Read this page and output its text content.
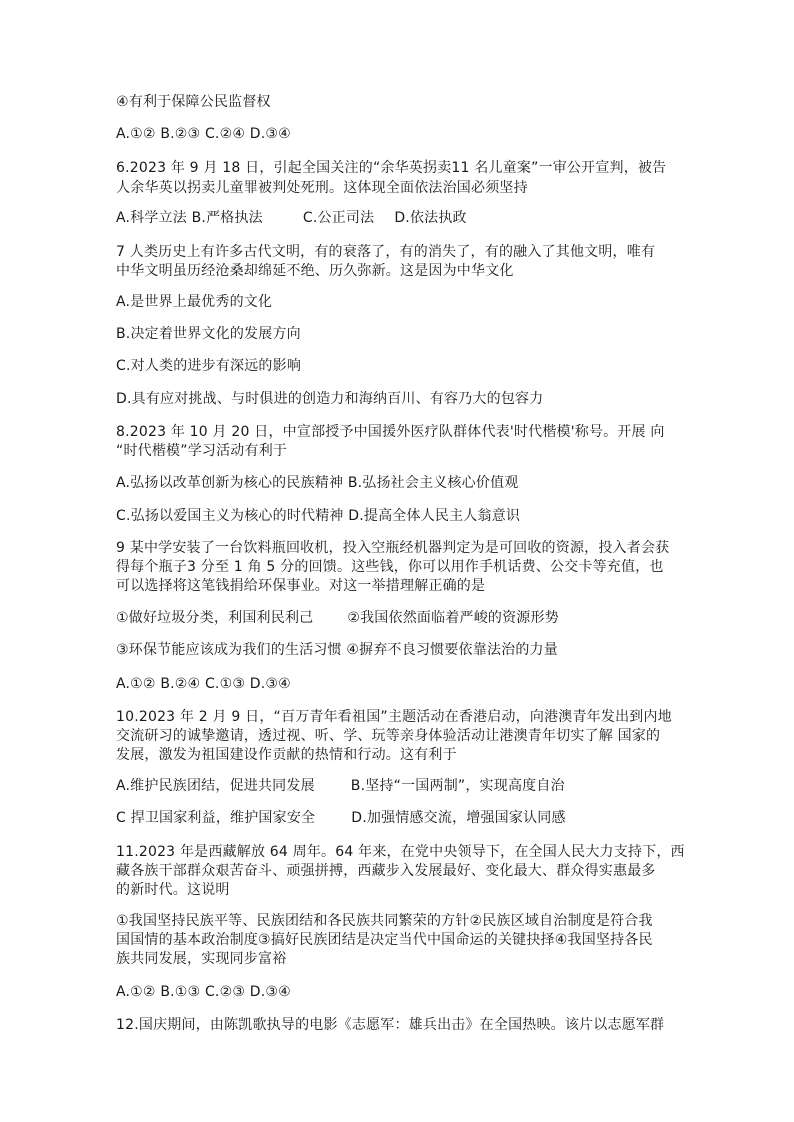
④有利于保障公民监督权
A.①② B.②③ C.②④ D.③④
6.2023 年 9 月 18 日，引起全国关注的“余华英拐卖11 名儿童案”一审公开宣判，被告
人余华英以拐卖儿童罪被判处死刑。这体现全面依法治国必须坚持
A.科学立法 B.严格执法	C.公正司法 D.依法执政
7 人类历史上有许多古代文明，有的衰落了，有的消失了，有的融入了其他文明，唯有
中华文明虽历经沧桑却绵延不绝、历久弥新。这是因为中华文化
A.是世界上最优秀的文化
B.决定着世界文化的发展方向
C.对人类的进步有深远的影响
D.具有应对挑战、与时俱进的创造力和海纳百川、有容乃大的包容力
8.2023 年 10 月 20 日，中宣部授予中国援外医疗队群体代表'时代楷模'称号。开展 向
“时代楷模”学习活动有利于
A.弘扬以改革创新为核心的民族精神 B.弘扬社会主义核心价值观
C.弘扬以爱国主义为核心的时代精神 D.提高全体人民主人翁意识
9 某中学安装了一台饮料瓶回收机，投入空瓶经机器判定为是可回收的资源，投入者会获
得每个瓶子3 分至 1 角 5 分的回馈。这些钱，你可以用作手机话费、公交卡等充值，也
可以选择将这笔钱捐给环保事业。对这一举措理解正确的是
①做好垃圾分类，利国利民利己 ②我国依然面临着严峻的资源形势
③环保节能应该成为我们的生活习惯 ④摒弃不良习惯要依靠法治的力量
A.①② B.②④ C.①③ D.③④
10.2023 年 2 月 9 日，“百万青年看祖国”主题活动在香港启动，向港澳青年发出到内地
交流研习的诚挚邀请，透过视、听、学、玩等亲身体验活动让港澳青年切实了解 国家的
发展，激发为祖国建设作贡献的热情和行动。这有利于
A.维护民族团结，促进共同发展	B.坚持“一国两制”，实现高度自治
C 捍卫国家利益，维护国家安全	D.加强情感交流，增强国家认同感
11.2023 年是西藏解放 64 周年。64 年来，在党中央领导下，在全国人民大力支持下，西
藏各族干部群众艰苦奋斗、顽强拼搏，西藏步入发展最好、变化最大、群众得实惠最多
的新时代。这说明
①我国坚持民族平等、民族团结和各民族共同繁荣的方针②民族区域自治制度是符合我
国国情的基本政治制度③搞好民族团结是决定当代中国命运的关键抉择④我国坚持各民
族共同发展，实现同步富裕
A.①② B.①③ C.②③ D.③④
12.国庆期间，由陈凯歌执导的电影《志愿军：雄兵出击》在全国热映。该片以志愿军群
